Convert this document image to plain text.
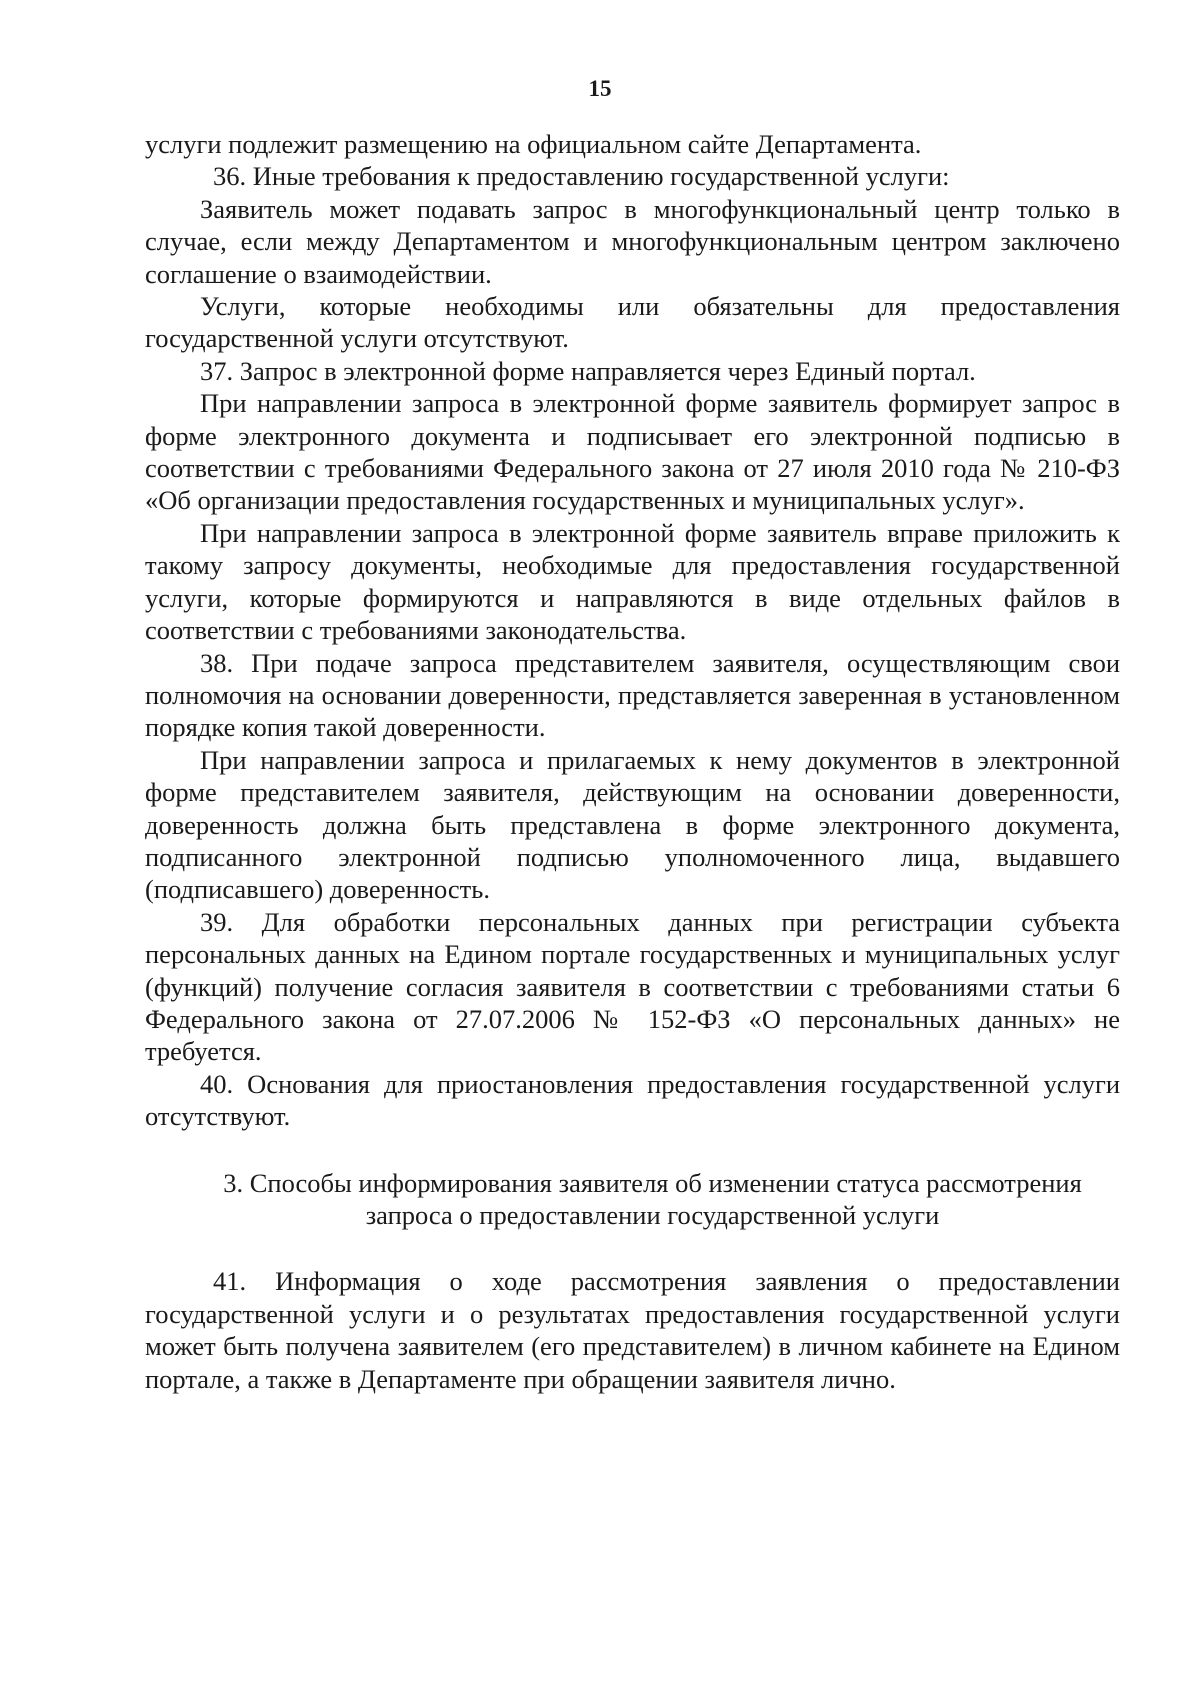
15

услуги подлежит размещению на официальном сайте Департамента.

36. Иные требования к предоставлению государственной услуги:

Заявитель может подавать запрос в многофункциональный центр только в случае, если между Департаментом и многофункциональным центром заключено соглашение о взаимодействии.

Услуги, которые необходимы или обязательны для предоставления государственной услуги отсутствуют.

37. Запрос в электронной форме направляется через Единый портал.

При направлении запроса в электронной форме заявитель формирует запрос в форме электронного документа и подписывает его электронной подписью в соответствии с требованиями Федерального закона от 27 июля 2010 года № 210-ФЗ «Об организации предоставления государственных и муниципальных услуг».

При направлении запроса в электронной форме заявитель вправе приложить к такому запросу документы, необходимые для предоставления государственной услуги, которые формируются и направляются в виде отдельных файлов в соответствии с требованиями законодательства.

38. При подаче запроса представителем заявителя, осуществляющим свои полномочия на основании доверенности, представляется заверенная в установленном порядке копия такой доверенности.

При направлении запроса и прилагаемых к нему документов в электронной форме представителем заявителя, действующим на основании доверенности, доверенность должна быть представлена в форме электронного документа, подписанного электронной подписью уполномоченного лица, выдавшего (подписавшего) доверенность.

39. Для обработки персональных данных при регистрации субъекта персональных данных на Едином портале государственных и муниципальных услуг (функций) получение согласия заявителя в соответствии с требованиями статьи 6 Федерального закона от 27.07.2006 № 152-ФЗ «О персональных данных» не требуется.

40. Основания для приостановления предоставления государственной услуги отсутствуют.

3. Способы информирования заявителя об изменении статуса рассмотрения
запроса о предоставлении государственной услуги

41. Информация о ходе рассмотрения заявления о предоставлении государственной услуги и о результатах предоставления государственной услуги может быть получена заявителем (его представителем) в личном кабинете на Едином портале, а также в Департаменте при обращении заявителя лично.
